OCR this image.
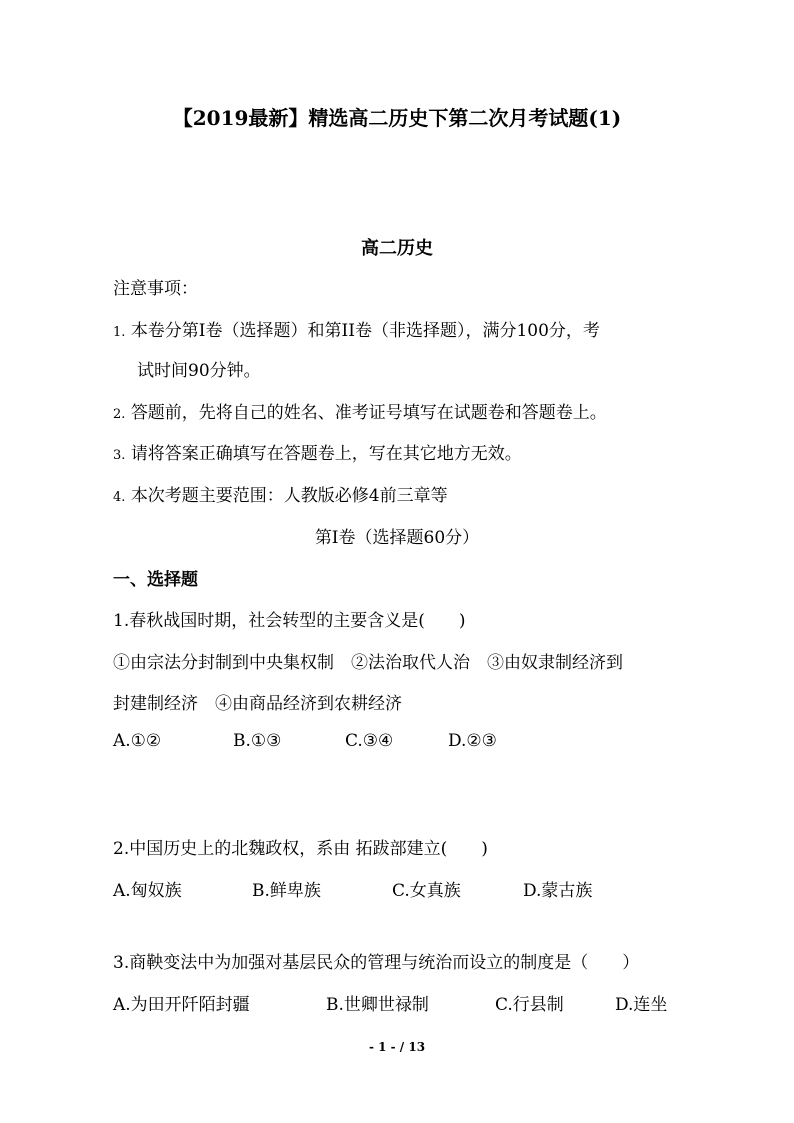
【2019最新】精选高二历史下第二次月考试题(1)
高二历史
注意事项：
1. 本卷分第Ⅰ卷（选择题）和第II卷（非选择题），满分100分，考
试时间90分钟。
2. 答题前，先将自己的姓名、准考证号填写在试题卷和答题卷上。
3. 请将答案正确填写在答题卷上，写在其它地方无效。
4. 本次考题主要范围：人教版必修4前三章等
第Ⅰ卷（选择题60分）
一、选择题
1.春秋战国时期，社会转型的主要含义是(　　)
①由宗法分封制到中央集权制　②法治取代人治　③由奴隶制经济到
封建制经济　④由商品经济到农耕经济
A.①②	B.①③	C.③④	D.②③
2.中国历史上的北魏政权，系由 拓跋部建立(　　)
A.匈奴族	B.鲜卑族	C.女真族	D.蒙古族
3.商鞅变法中为加强对基层民众的管理与统治而设立的制度是（　　）
A.为田开阡陌封疆	B.世卿世禄制	C.行县制	D.连坐
- 1 - / 13
